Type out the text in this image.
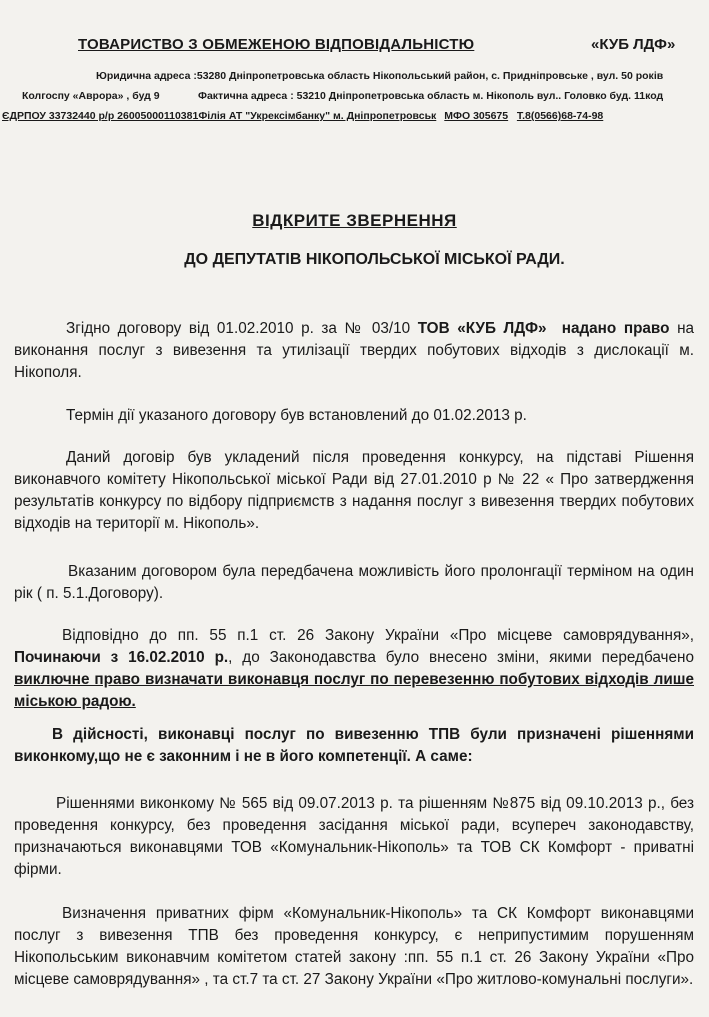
ТОВАРИСТВО З ОБМЕЖЕНОЮ ВІДПОВІДАЛЬНІСТЮ	«КУБ ЛДФ»
Юридична адреса :53280 Дніпропетровська область Нікопольський район, с. Придніпровське , вул. 50 років
Колгоспу «Аврора» , буд 9	Фактична адреса : 53210 Дніпропетровська область м. Нікополь вул.. Головко буд. 11код
ЄДРПОУ 33732440 р/р 26005000110381Філія АТ "Укрексімбанку" м. Дніпропетровськ МФО 305675 Т.8(0566)68-74-98
ВІДКРИТЕ ЗВЕРНЕННЯ
ДО ДЕПУТАТІВ НІКОПОЛЬСЬКОЇ МІСЬКОЇ РАДИ.
Згідно договору від 01.02.2010 р. за № 03/10 ТОВ «КУБ ЛДФ» надано право на виконання послуг з вивезення та утилізації твердих побутових відходів з дислокації м. Нікополя.
Термін дії указаного договору був встановлений до 01.02.2013 р.
Даний договір був укладений після проведення конкурсу, на підставі Рішення виконавчого комітету Нікопольської міської Ради від 27.01.2010 р № 22 « Про затвердження результатів конкурсу по відбору підприємств з надання послуг з вивезення твердих побутових відходів на території м. Нікополь».
Вказаним договором була передбачена можливість його пролонгації терміном на один рік ( п. 5.1.Договору).
Відповідно до пп. 55 п.1 ст. 26 Закону України «Про місцеве самоврядування», Починаючи з 16.02.2010 р., до Законодавства було внесено зміни, якими передбачено виключне право визначати виконавця послуг по перевезенню побутових відходів лише міською радою.
В дійсності, виконавці послуг по вивезенню ТПВ були призначені рішеннями виконкому,що не є законним і не в його компетенції. А саме:
Рішеннями виконкому № 565 від 09.07.2013 р. та рішенням №875 від 09.10.2013 р., без проведення конкурсу, без проведення засідання міської ради, всупереч законодавству, призначаються виконавцями ТОВ «Комунальник-Нікополь» та ТОВ СК Комфорт - приватні фірми.
Визначення приватних фірм «Комунальник-Нікополь» та СК Комфорт виконавцями послуг з вивезення ТПВ без проведення конкурсу, є неприпустимим порушенням Нікопольським виконавчим комітетом статей закону :пп. 55 п.1 ст. 26 Закону України «Про місцеве самоврядування» , та ст.7 та ст. 27 Закону України «Про житлово-комунальні послуги».
